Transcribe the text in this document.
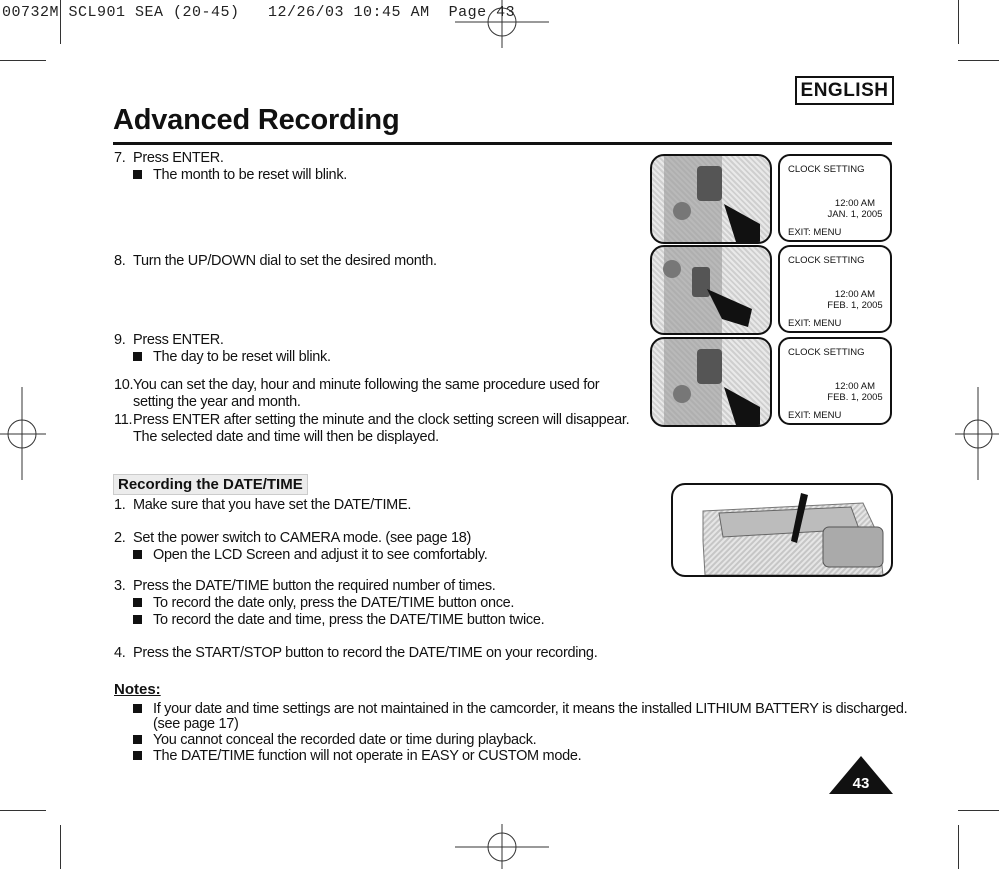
00732M SCL901 SEA (20-45)   12/26/03 10:45 AM  Page 43
ENGLISH
Advanced Recording
7. Press ENTER.
The month to be reset will blink.
8. Turn the UP/DOWN dial to set the desired month.
9. Press ENTER.
The day to be reset will blink.
10.You can set the day, hour and minute following the same procedure used for
setting the year and month.
11.Press ENTER after setting the minute and the clock setting screen will disappear.
The selected date and time will then be displayed.
Recording the DATE/TIME
1. Make sure that you have set the DATE/TIME.
2. Set the power switch to CAMERA mode. (see page 18)
Open the LCD Screen and adjust it to see comfortably.
3. Press the DATE/TIME button the required number of times.
To record the date only, press the DATE/TIME button once.
To record the date and time, press the DATE/TIME button twice.
4. Press the START/STOP button to record the DATE/TIME on your recording.
Notes:
If your date and time settings are not maintained in the camcorder, it means the installed LITHIUM BATTERY is discharged.
(see page 17)
You cannot conceal the recorded date or time during playback.
The DATE/TIME function will not operate in EASY or CUSTOM mode.
CLOCK SETTING
12:00 AM
JAN. 1, 2005
EXIT: MENU
CLOCK SETTING
12:00 AM
FEB. 1, 2005
EXIT: MENU
CLOCK SETTING
12:00 AM
FEB. 1, 2005
EXIT: MENU
43
